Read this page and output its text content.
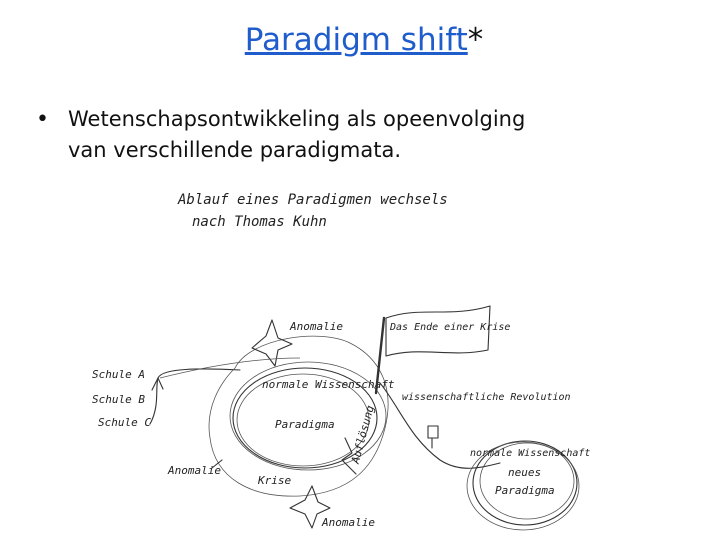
Paradigm shift*
• Wetenschapsontwikkeling als opeenvolging
van verschillende paradigmata.
Ablauf eines Paradigmen wechsels
nach Thomas Kuhn
Schule A
Schule B
Schule C	Paradigma
normale Wissenschaft
Anomalie
Anomalie
Krise
Anomalie
Auflösung
Das Ende einer Krise
wissenschaftliche Revolution
normale Wissenschaft
neues
Paradigma
